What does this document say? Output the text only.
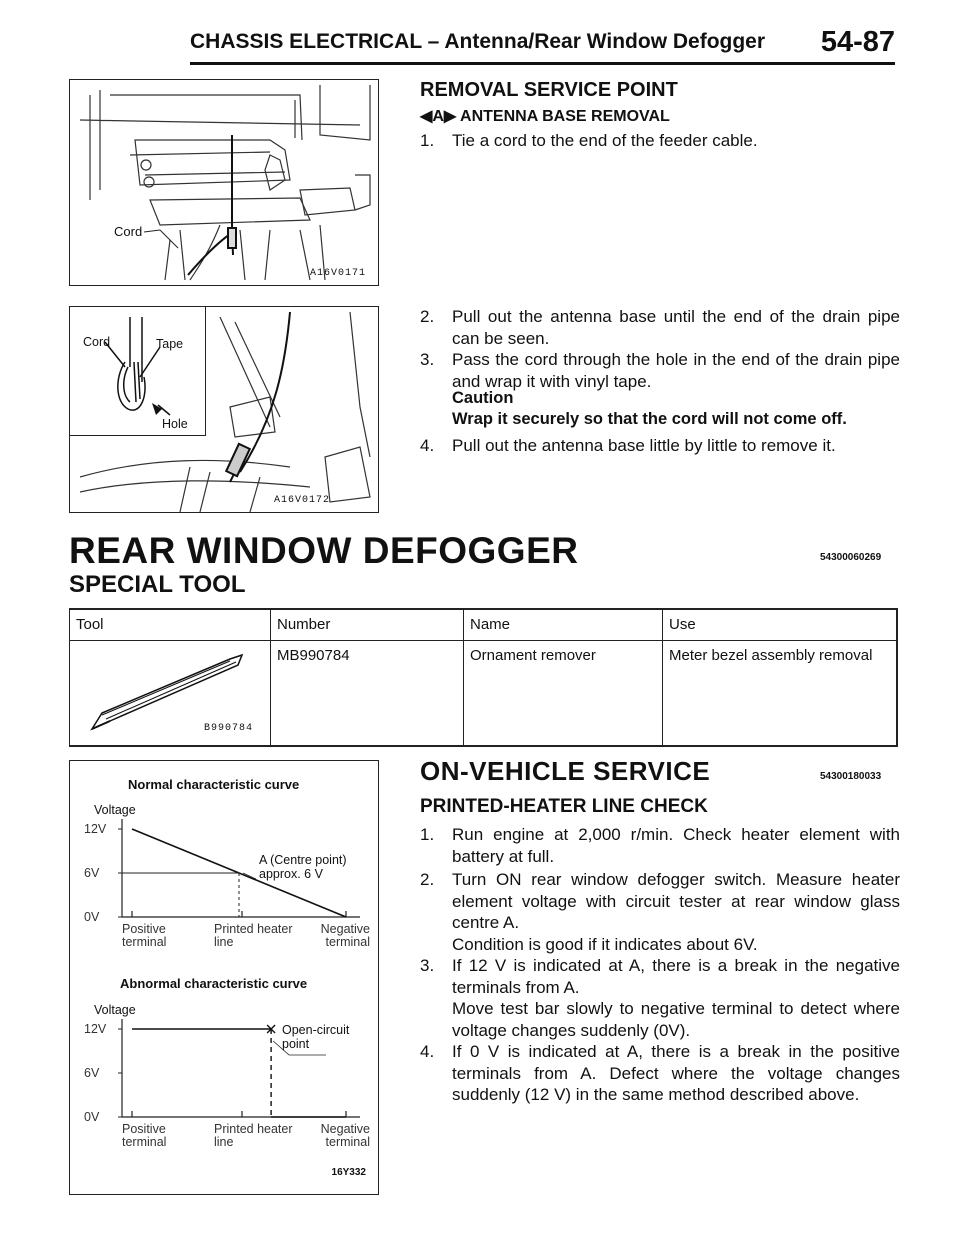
CHASSIS ELECTRICAL – Antenna/Rear Window Defogger 54-87
Cord
A16V0171
REMOVAL SERVICE POINT
◀A▶ ANTENNA BASE REMOVAL
1. Tie a cord to the end of the feeder cable.
Cord	Tape
Hole
A16V0172
2. Pull out the antenna base until the end of the drain pipe can be seen.
3. Pass the cord through the hole in the end of the drain pipe and wrap it with vinyl tape.
Caution
Wrap it securely so that the cord will not come off.
4. Pull out the antenna base little by little to remove it.
REAR WINDOW DEFOGGER	54300060269
SPECIAL TOOL
Tool	Number	Name	Use

B990784	MB990784	Ornament remover	Meter bezel assembly removal
Normal characteristic curve
Voltage
A (Centre point) approx. 6 V
Abnormal characteristic curve
Voltage
Open-circuit point
16Y332
12V
6V
0V
Positive
terminal
Printed heater
line
Negative
terminal
12V
6V
0V
Positive
terminal
Printed heater
line
Negative
terminal
ON-VEHICLE SERVICE	54300180033
PRINTED-HEATER LINE CHECK
1. Run engine at 2,000 r/min. Check heater element with battery at full.
2. Turn ON rear window defogger switch. Measure heater element voltage with circuit tester at rear window glass centre A.
Condition is good if it indicates about 6V.
3. If 12 V is indicated at A, there is a break in the negative terminals from A.
Move test bar slowly to negative terminal to detect where voltage changes suddenly (0V).
4. If 0 V is indicated at A, there is a break in the positive terminals from A. Defect where the voltage changes suddenly (12 V) in the same method described above.
